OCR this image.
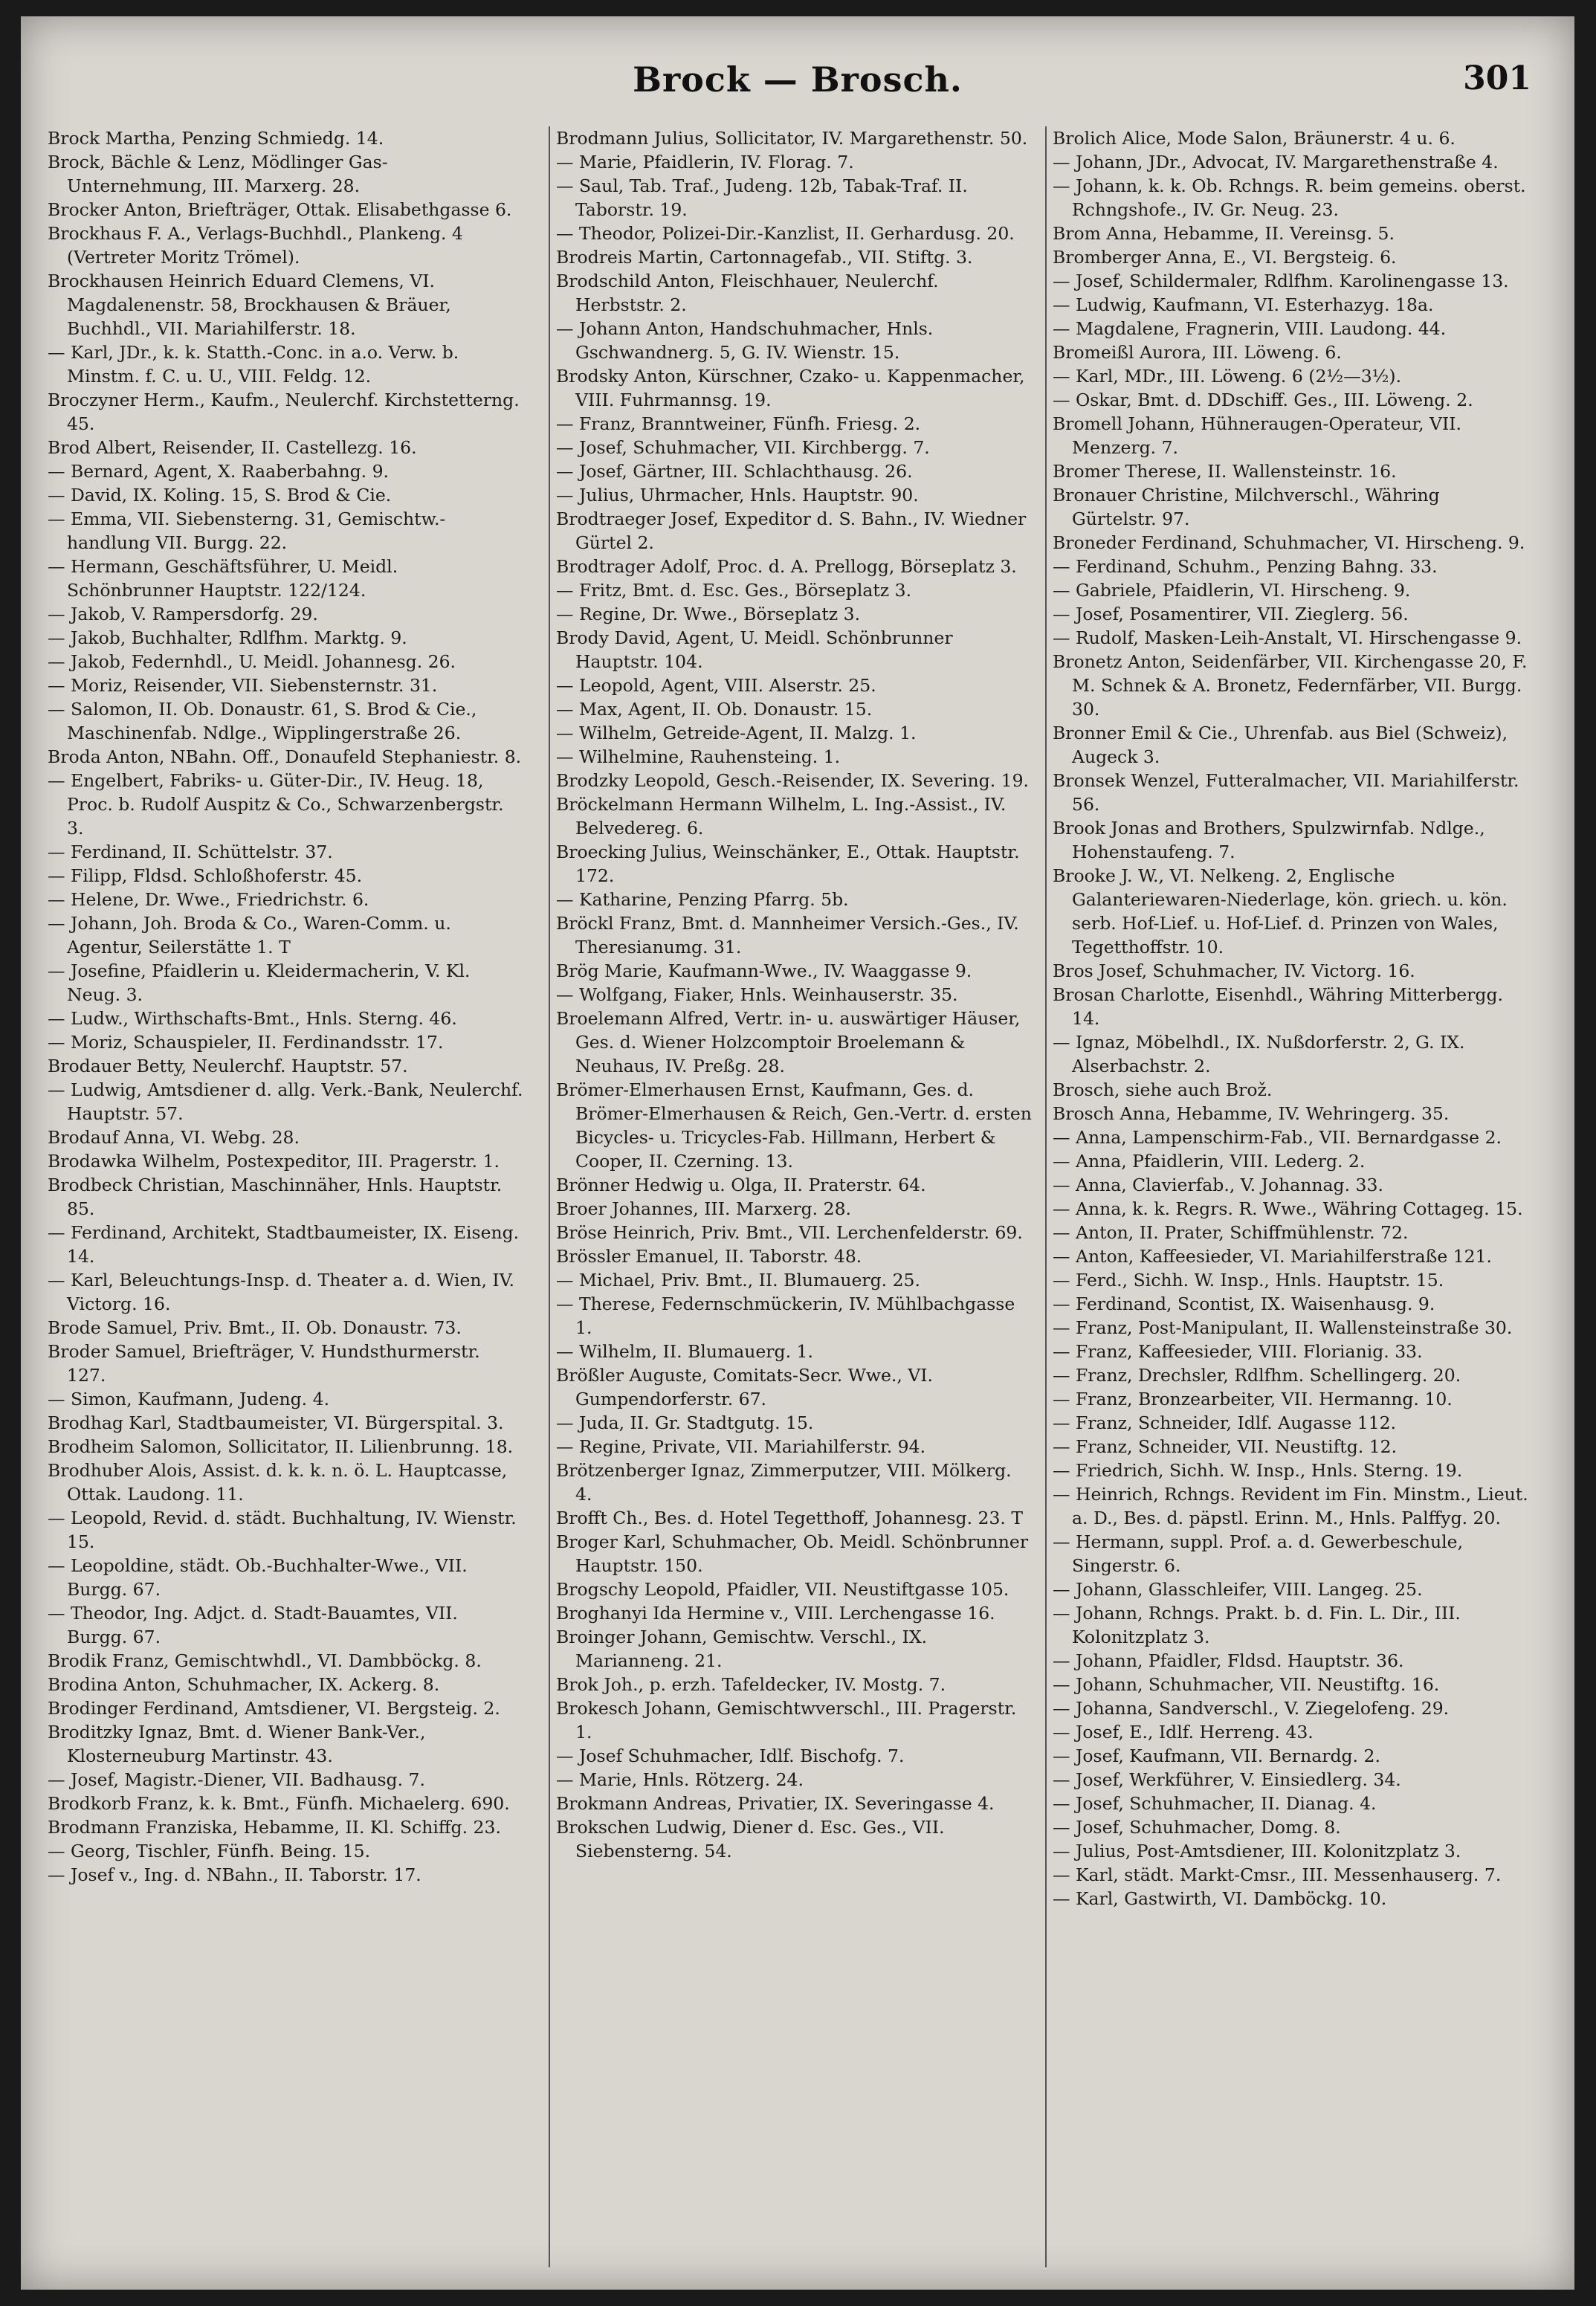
Brock — Brosch.	301
Brock Martha, Penzing Schmiedg. 14.
Brock, Bächle & Lenz, Mödlinger Gas-Unternehmung, III. Marxerg. 28.
Brocker Anton, Briefträger, Ottak. Elisabethgasse 6.
Brockhaus F. A., Verlags-Buchhdl., Plankeng. 4 (Vertreter Moritz Trömel).
Brockhausen Heinrich Eduard Clemens, VI. Magdalenenstr. 58, Brockhausen & Bräuer, Buchhdl., VII. Mariahilferstr. 18.
— Karl, JDr., k. k. Statth.-Conc. in a.o. Verw. b. Minstm. f. C. u. U., VIII. Feldg. 12.
Broczyner Herm., Kaufm., Neulerchf. Kirchstetterng. 45.
Brod Albert, Reisender, II. Castellezg. 16.
— Bernard, Agent, X. Raaberbahng. 9.
— David, IX. Koling. 15, S. Brod & Cie.
— Emma, VII. Siebensterng. 31, Gemischtw.-handlung VII. Burgg. 22.
— Hermann, Geschäftsführer, U. Meidl. Schönbrunner Hauptstr. 122/124.
— Jakob, V. Rampersdorfg. 29.
— Jakob, Buchhalter, Rdlfhm. Marktg. 9.
— Jakob, Federnhdl., U. Meidl. Johannesg. 26.
— Moriz, Reisender, VII. Siebensternstr. 31.
— Salomon, II. Ob. Donaustr. 61, S. Brod & Cie., Maschinenfab. Ndlge., Wipplingerstraße 26.
Broda Anton, NBahn. Off., Donaufeld Stephaniestr. 8.
— Engelbert, Fabriks- u. Güter-Dir., IV. Heug. 18, Proc. b. Rudolf Auspitz & Co., Schwarzenbergstr. 3.
— Ferdinand, II. Schüttelstr. 37.
— Filipp, Fldsd. Schloßhoferstr. 45.
— Helene, Dr. Wwe., Friedrichstr. 6.
— Johann, Joh. Broda & Co., Waren-Comm. u. Agentur, Seilerstätte 1. T
— Josefine, Pfaidlerin u. Kleidermacherin, V. Kl. Neug. 3.
— Ludw., Wirthschafts-Bmt., Hnls. Sterng. 46.
— Moriz, Schauspieler, II. Ferdinandsstr. 17.
Brodauer Betty, Neulerchf. Hauptstr. 57.
— Ludwig, Amtsdiener d. allg. Verk.-Bank, Neulerchf. Hauptstr. 57.
Brodauf Anna, VI. Webg. 28.
Brodawka Wilhelm, Postexpeditor, III. Pragerstr. 1.
Brodbeck Christian, Maschinnäher, Hnls. Hauptstr. 85.
— Ferdinand, Architekt, Stadtbaumeister, IX. Eiseng. 14.
— Karl, Beleuchtungs-Insp. d. Theater a. d. Wien, IV. Victorg. 16.
Brode Samuel, Priv. Bmt., II. Ob. Donaustr. 73.
Broder Samuel, Briefträger, V. Hundsthurmerstr. 127.
— Simon, Kaufmann, Judeng. 4.
Brodhag Karl, Stadtbaumeister, VI. Bürgerspital. 3.
Brodheim Salomon, Sollicitator, II. Lilienbrunng. 18.
Brodhuber Alois, Assist. d. k. k. n. ö. L. Hauptcasse, Ottak. Laudong. 11.
— Leopold, Revid. d. städt. Buchhaltung, IV. Wienstr. 15.
— Leopoldine, städt. Ob.-Buchhalter-Wwe., VII. Burgg. 67.
— Theodor, Ing. Adjct. d. Stadt-Bauamtes, VII. Burgg. 67.
Brodik Franz, Gemischtwhdl., VI. Dambböckg. 8.
Brodina Anton, Schuhmacher, IX. Ackerg. 8.
Brodinger Ferdinand, Amtsdiener, VI. Bergsteig. 2.
Broditzky Ignaz, Bmt. d. Wiener Bank-Ver., Klosterneuburg Martinstr. 43.
— Josef, Magistr.-Diener, VII. Badhausg. 7.
Brodkorb Franz, k. k. Bmt., Fünfh. Michaelerg. 690.
Brodmann Franziska, Hebamme, II. Kl. Schiffg. 23.
— Georg, Tischler, Fünfh. Being. 15.
— Josef v., Ing. d. NBahn., II. Taborstr. 17.
Brodmann Julius, Sollicitator, IV. Margarethenstr. 50.
— Marie, Pfaidlerin, IV. Florag. 7.
— Saul, Tab. Traf., Judeng. 12b, Tabak-Traf. II. Taborstr. 19.
— Theodor, Polizei-Dir.-Kanzlist, II. Gerhardusg. 20.
Brodreis Martin, Cartonnagefab., VII. Stiftg. 3.
Brodschild Anton, Fleischhauer, Neulerchf. Herbststr. 2.
— Johann Anton, Handschuhmacher, Hnls. Gschwandnerg. 5, G. IV. Wienstr. 15.
Brodsky Anton, Kürschner, Czako- u. Kappenmacher, VIII. Fuhrmannsg. 19.
— Franz, Branntweiner, Fünfh. Friesg. 2.
— Josef, Schuhmacher, VII. Kirchbergg. 7.
— Josef, Gärtner, III. Schlachthausg. 26.
— Julius, Uhrmacher, Hnls. Hauptstr. 90.
Brodtraeger Josef, Expeditor d. S. Bahn., IV. Wiedner Gürtel 2.
Brodtrager Adolf, Proc. d. A. Prellogg, Börseplatz 3.
— Fritz, Bmt. d. Esc. Ges., Börseplatz 3.
— Regine, Dr. Wwe., Börseplatz 3.
Brody David, Agent, U. Meidl. Schönbrunner Hauptstr. 104.
— Leopold, Agent, VIII. Alserstr. 25.
— Max, Agent, II. Ob. Donaustr. 15.
— Wilhelm, Getreide-Agent, II. Malzg. 1.
— Wilhelmine, Rauhensteing. 1.
Brodzky Leopold, Gesch.-Reisender, IX. Severing. 19.
Bröckelmann Hermann Wilhelm, L. Ing.-Assist., IV. Belvedereg. 6.
Broecking Julius, Weinschänker, E., Ottak. Hauptstr. 172.
— Katharine, Penzing Pfarrg. 5b.
Bröckl Franz, Bmt. d. Mannheimer Versich.-Ges., IV. Theresianumg. 31.
Brög Marie, Kaufmann-Wwe., IV. Waaggasse 9.
— Wolfgang, Fiaker, Hnls. Weinhauserstr. 35.
Broelemann Alfred, Vertr. in- u. auswärtiger Häuser, Ges. d. Wiener Holzcomptoir Broelemann & Neuhaus, IV. Preßg. 28.
Brömer-Elmerhausen Ernst, Kaufmann, Ges. d. Brömer-Elmerhausen & Reich, Gen.-Vertr. d. ersten Bicycles- u. Tricycles-Fab. Hillmann, Herbert & Cooper, II. Czerning. 13.
Brönner Hedwig u. Olga, II. Praterstr. 64.
Broer Johannes, III. Marxerg. 28.
Bröse Heinrich, Priv. Bmt., VII. Lerchenfelderstr. 69.
Brössler Emanuel, II. Taborstr. 48.
— Michael, Priv. Bmt., II. Blumauerg. 25.
— Therese, Federnschmückerin, IV. Mühlbachgasse 1.
— Wilhelm, II. Blumauerg. 1.
Brößler Auguste, Comitats-Secr. Wwe., VI. Gumpendorferstr. 67.
— Juda, II. Gr. Stadtgutg. 15.
— Regine, Private, VII. Mariahilferstr. 94.
Brötzenberger Ignaz, Zimmerputzer, VIII. Mölkerg. 4.
Brofft Ch., Bes. d. Hotel Tegetthoff, Johannesg. 23. T
Broger Karl, Schuhmacher, Ob. Meidl. Schönbrunner Hauptstr. 150.
Brogschy Leopold, Pfaidler, VII. Neustiftgasse 105.
Broghanyi Ida Hermine v., VIII. Lerchengasse 16.
Broinger Johann, Gemischtw. Verschl., IX. Marianneng. 21.
Brok Joh., p. erzh. Tafeldecker, IV. Mostg. 7.
Brokesch Johann, Gemischtwverschl., III. Pragerstr. 1.
— Josef Schuhmacher, Idlf. Bischofg. 7.
— Marie, Hnls. Rötzerg. 24.
Brokmann Andreas, Privatier, IX. Severingasse 4.
Brokschen Ludwig, Diener d. Esc. Ges., VII. Siebensterng. 54.
Brolich Alice, Mode Salon, Bräunerstr. 4 u. 6.
— Johann, JDr., Advocat, IV. Margarethenstraße 4.
— Johann, k. k. Ob. Rchngs. R. beim gemeins. oberst. Rchngshofe., IV. Gr. Neug. 23.
Brom Anna, Hebamme, II. Vereinsg. 5.
Bromberger Anna, E., VI. Bergsteig. 6.
— Josef, Schildermaler, Rdlfhm. Karolinengasse 13.
— Ludwig, Kaufmann, VI. Esterhazyg. 18a.
— Magdalene, Fragnerin, VIII. Laudong. 44.
Bromeißl Aurora, III. Löweng. 6.
— Karl, MDr., III. Löweng. 6 (2½—3½).
— Oskar, Bmt. d. DDschiff. Ges., III. Löweng. 2.
Bromell Johann, Hühneraugen-Operateur, VII. Menzerg. 7.
Bromer Therese, II. Wallensteinstr. 16.
Bronauer Christine, Milchverschl., Währing Gürtelstr. 97.
Broneder Ferdinand, Schuhmacher, VI. Hirscheng. 9.
— Ferdinand, Schuhm., Penzing Bahng. 33.
— Gabriele, Pfaidlerin, VI. Hirscheng. 9.
— Josef, Posamentirer, VII. Zieglerg. 56.
— Rudolf, Masken-Leih-Anstalt, VI. Hirschengasse 9.
Bronetz Anton, Seidenfärber, VII. Kirchengasse 20, F. M. Schnek & A. Bronetz, Federnfärber, VII. Burgg. 30.
Bronner Emil & Cie., Uhrenfab. aus Biel (Schweiz), Augeck 3.
Bronsek Wenzel, Futteralmacher, VII. Mariahilferstr. 56.
Brook Jonas and Brothers, Spulzwirnfab. Ndlge., Hohenstaufeng. 7.
Brooke J. W., VI. Nelkeng. 2, Englische Galanteriewaren-Niederlage, kön. griech. u. kön. serb. Hof-Lief. u. Hof-Lief. d. Prinzen von Wales, Tegetthoffstr. 10.
Bros Josef, Schuhmacher, IV. Victorg. 16.
Brosan Charlotte, Eisenhdl., Währing Mitterbergg. 14.
— Ignaz, Möbelhdl., IX. Nußdorferstr. 2, G. IX. Alserbachstr. 2.
Brosch, siehe auch Brož.
Brosch Anna, Hebamme, IV. Wehringerg. 35.
— Anna, Lampenschirm-Fab., VII. Bernardgasse 2.
— Anna, Pfaidlerin, VIII. Lederg. 2.
— Anna, Clavierfab., V. Johannag. 33.
— Anna, k. k. Regrs. R. Wwe., Währing Cottageg. 15.
— Anton, II. Prater, Schiffmühlenstr. 72.
— Anton, Kaffeesieder, VI. Mariahilferstraße 121.
— Ferd., Sichh. W. Insp., Hnls. Hauptstr. 15.
— Ferdinand, Scontist, IX. Waisenhausg. 9.
— Franz, Post-Manipulant, II. Wallensteinstraße 30.
— Franz, Kaffeesieder, VIII. Florianig. 33.
— Franz, Drechsler, Rdlfhm. Schellingerg. 20.
— Franz, Bronzearbeiter, VII. Hermanng. 10.
— Franz, Schneider, Idlf. Augasse 112.
— Franz, Schneider, VII. Neustiftg. 12.
— Friedrich, Sichh. W. Insp., Hnls. Sterng. 19.
— Heinrich, Rchngs. Revident im Fin. Minstm., Lieut. a. D., Bes. d. päpstl. Erinn. M., Hnls. Palffyg. 20.
— Hermann, suppl. Prof. a. d. Gewerbeschule, Singerstr. 6.
— Johann, Glasschleifer, VIII. Langeg. 25.
— Johann, Rchngs. Prakt. b. d. Fin. L. Dir., III. Kolonitzplatz 3.
— Johann, Pfaidler, Fldsd. Hauptstr. 36.
— Johann, Schuhmacher, VII. Neustiftg. 16.
— Johanna, Sandverschl., V. Ziegelofeng. 29.
— Josef, E., Idlf. Herreng. 43.
— Josef, Kaufmann, VII. Bernardg. 2.
— Josef, Werkführer, V. Einsiedlerg. 34.
— Josef, Schuhmacher, II. Dianag. 4.
— Josef, Schuhmacher, Domg. 8.
— Julius, Post-Amtsdiener, III. Kolonitzplatz 3.
— Karl, städt. Markt-Cmsr., III. Messenhauserg. 7.
— Karl, Gastwirth, VI. Damböckg. 10.
